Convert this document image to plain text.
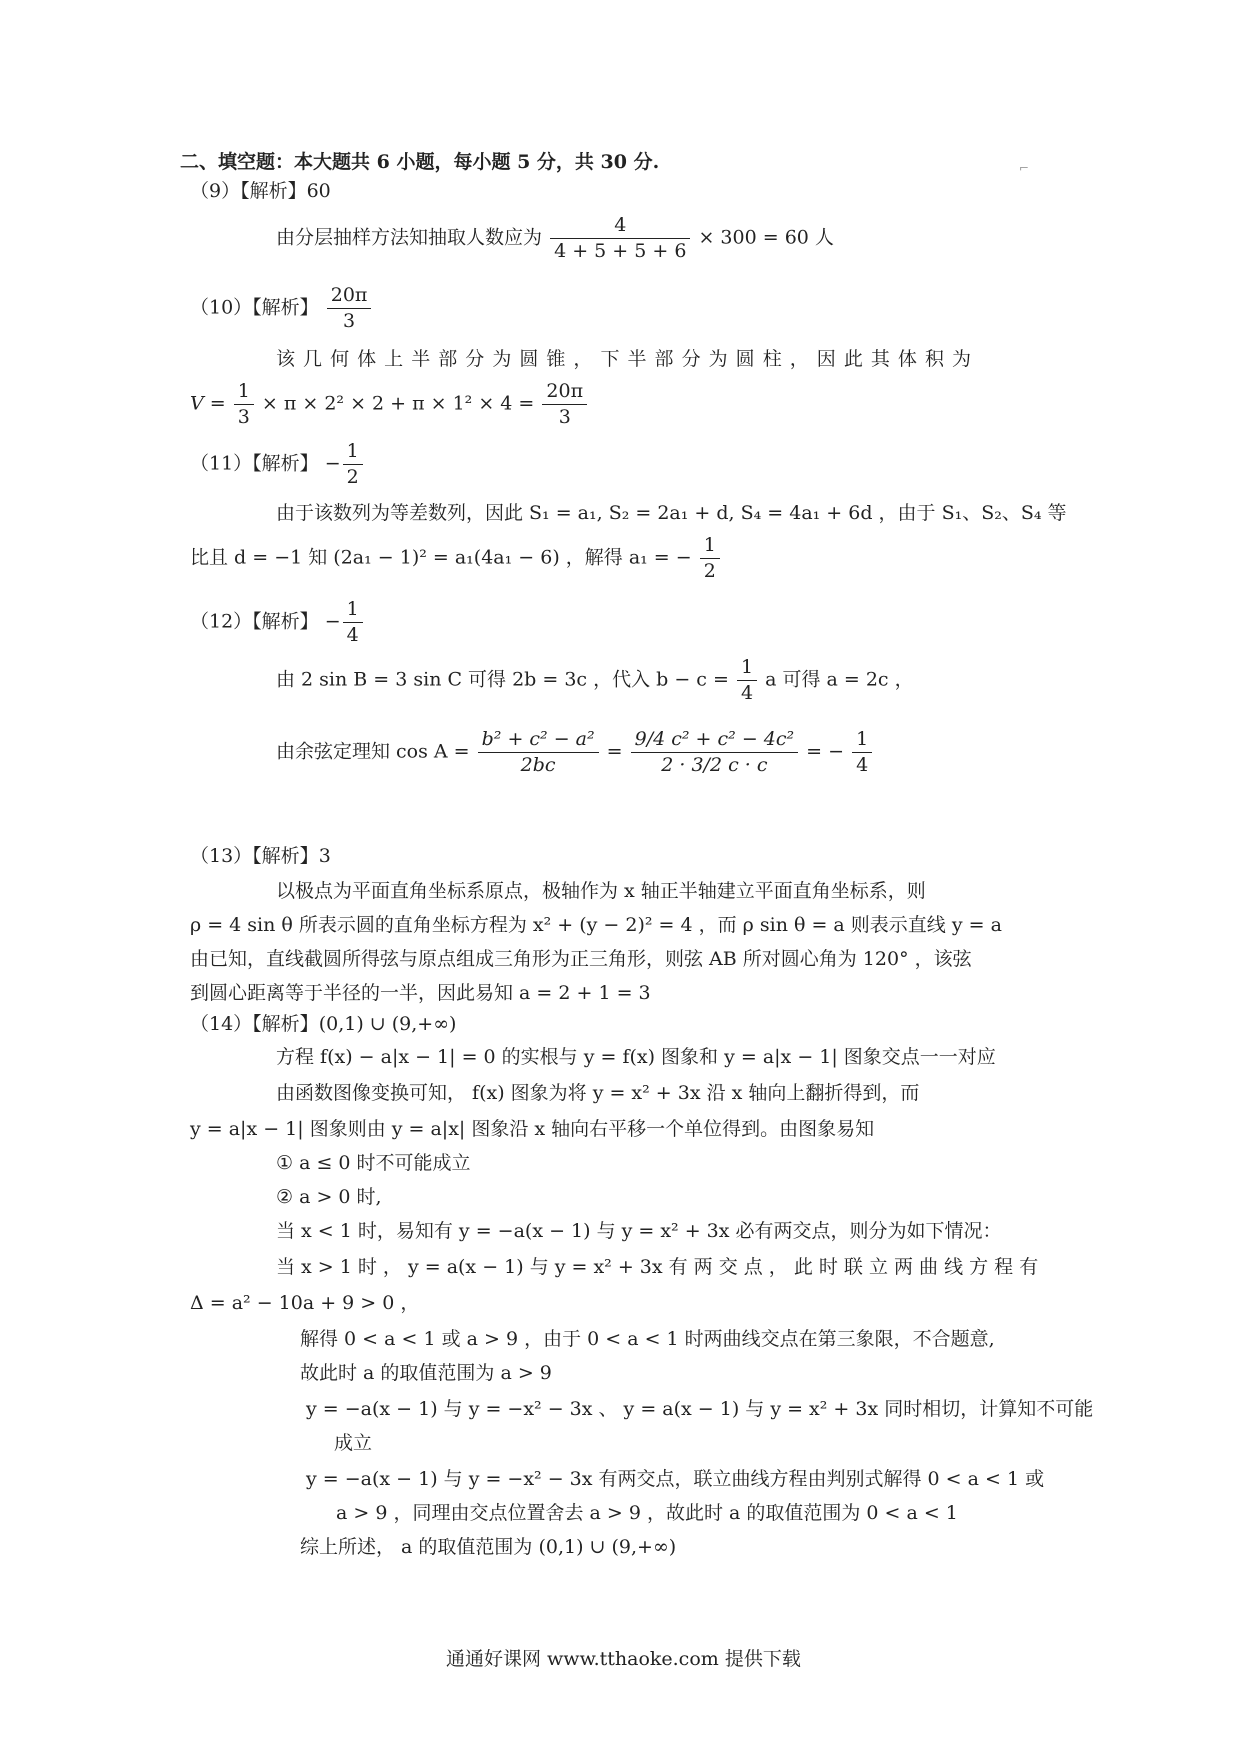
⌐
二、填空题：本大题共 6 小题，每小题 5 分，共 30 分.
（9）【解析】60
由分层抽样方法知抽取人数应为 $\frac{4}{4 + 5 + 5 + 6} \times 300 = 60$ 人
（10）【解析】 $\frac{20\pi}{3}$
该 几 何 体 上 半 部 分 为 圆 锥 ， 下 半 部 分 为 圆 柱 ， 因 此 其 体 积 为
$V = \frac{1}{3} \times \pi \times 2^2 \times 2 + \pi \times 1^2 \times 4 = \frac{20\pi}{3}$
（11）【解析】 − $\frac{1}{2}$
由于该数列为等差数列，因此 S₁ = a₁, S₂ = 2a₁ + d, S₄ = 4a₁ + 6d ，由于 S₁、S₂、S₄ 等
比且 d = −1 知 (2a₁ − 1)² = a₁(4a₁ − 6) ，解得 a₁ = − $\frac{1}{2}$
（12）【解析】 − $\frac{1}{4}$
由 2 sin B = 3 sin C 可得 2b = 3c ，代入 $b - c = \frac{1}{4}$ a 可得 a = 2c ，
由余弦定理知 $\cos A = \frac{\text{b² + c² − a²}}{2bc} = \frac{\text{9/4 c² + c² − 4c²}}{2 \cdot 3/2 c \cdot c}$ = − $\frac{1}{4}$
（13）【解析】3
以极点为平面直角坐标系原点，极轴作为 x 轴正半轴建立平面直角坐标系，则
ρ = 4 sin θ 所表示圆的直角坐标方程为 x² + (y − 2)² = 4 ，而 ρ sin θ = a 则表示直线 y = a
由已知，直线截圆所得弦与原点组成三角形为正三角形，则弦 AB 所对圆心角为 120° ，该弦
到圆心距离等于半径的一半，因此易知 a = 2 + 1 = 3
（14）【解析】(0,1) ∪ (9,+∞)
方程 f(x) − a|x − 1| = 0 的实根与 y = f(x) 图象和 y = a|x − 1| 图象交点一一对应
由函数图像变换可知， f(x) 图象为将 y = x² + 3x 沿 x 轴向上翻折得到，而
y = a|x − 1| 图象则由 y = a|x| 图象沿 x 轴向右平移一个单位得到。由图象易知
① a ≤ 0 时不可能成立
② a > 0 时,
当 x < 1 时，易知有 y = −a(x − 1) 与 y = x² + 3x 必有两交点，则分为如下情况：
当 x > 1 时 ， y = a(x − 1) 与 y = x² + 3x 有 两 交 点 ， 此 时 联 立 两 曲 线 方 程 有
Δ = a² − 10a + 9 > 0 ，
解得 0 < a < 1 或 a > 9 ，由于 0 < a < 1 时两曲线交点在第三象限，不合题意,
故此时 a 的取值范围为 a > 9
y = −a(x − 1) 与 y = −x² − 3x 、 y = a(x − 1) 与 y = x² + 3x 同时相切，计算知不可能
成立
y = −a(x − 1) 与 y = −x² − 3x 有两交点，联立曲线方程由判别式解得 0 < a < 1 或
a > 9 ，同理由交点位置舍去 a > 9 ，故此时 a 的取值范围为 0 < a < 1
综上所述， a 的取值范围为 (0,1) ∪ (9,+∞)
通通好课网 www.tthaoke.com 提供下载
